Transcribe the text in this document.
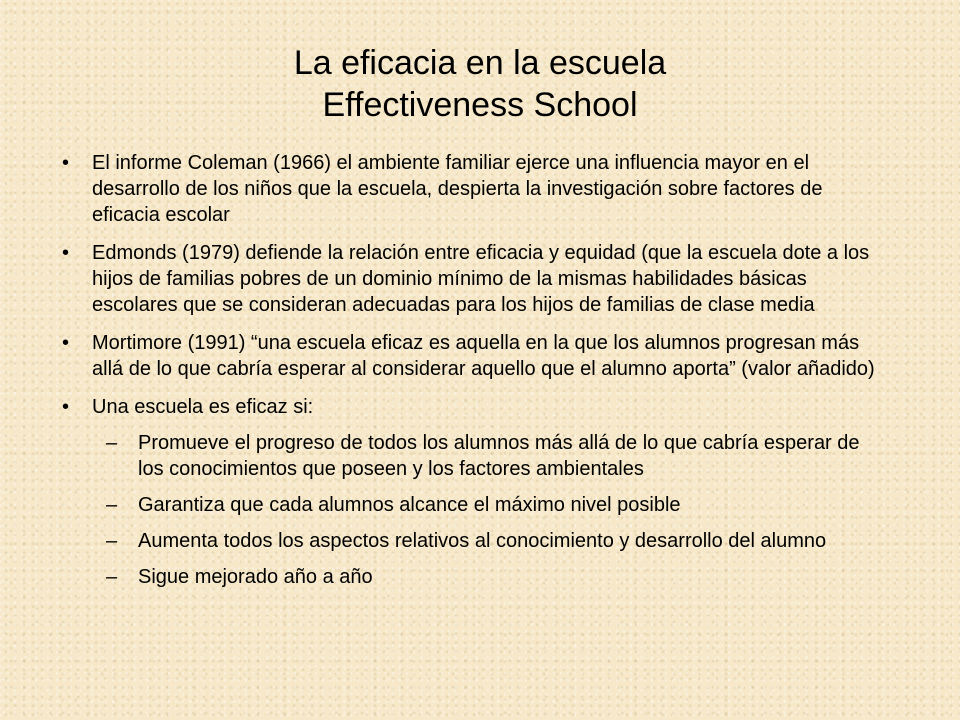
La eficacia en la escuela
Effectiveness School
•	El informe Coleman (1966) el ambiente familiar ejerce una influencia mayor en el desarrollo de los niños que la escuela, despierta la investigación sobre factores de eficacia escolar
•	Edmonds (1979) defiende la relación entre eficacia y equidad (que la escuela dote a los hijos de familias pobres de un dominio mínimo de la mismas habilidades básicas escolares que se consideran adecuadas para los hijos de familias de clase media
•	Mortimore (1991) “una escuela eficaz es aquella en la que los alumnos progresan más allá de lo que cabría esperar al considerar aquello que el alumno aporta” (valor añadido)
•	Una escuela es eficaz si:
–	Promueve el progreso de todos los alumnos más allá de lo que cabría esperar de los conocimientos que poseen y los factores ambientales
–	Garantiza que cada alumnos alcance el máximo nivel posible
–	Aumenta todos los aspectos relativos al conocimiento y desarrollo del alumno
–	Sigue mejorado año a año
